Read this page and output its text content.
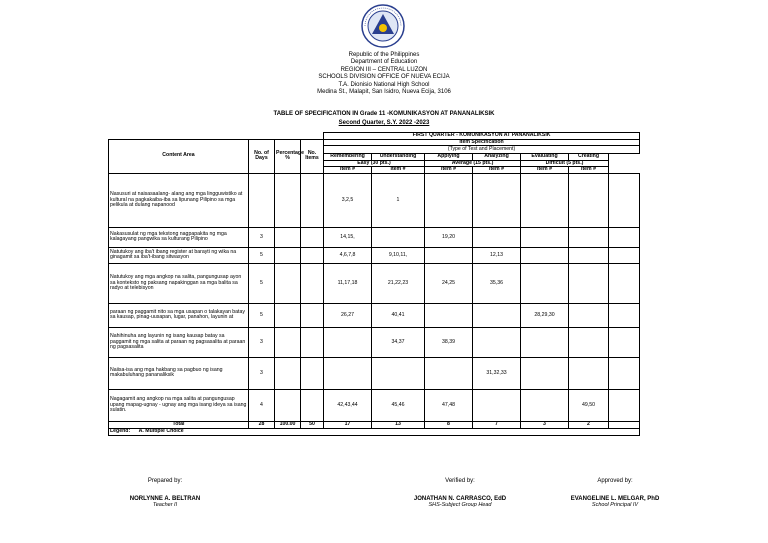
Republic of the Philippines
Department of Education
REGION III – CENTRAL LUZON
SCHOOLS DIVISION OFFICE OF NUEVA ECIJA
T.A. Dionisio National High School
Medina St., Malapit, San Isidro, Nueva Ecija, 3106
TABLE OF SPECIFICATION IN Grade 11 -KOMUNIKASYON AT PANANALIKSIK
Second Quarter, S.Y. 2022 -2023
				FIRST QUARTER - KOMUNIKASYON AT PANANALIKSIK						
Content Area	No. of Days	Percentage %	No. Items	Item Specification						
				(Type of Test and Placement)						
				Remembering	Understanding	Applying	Analyzing	Evaluating	Creating	
				Easy (30 pts.)		Average (15 pts.)		Difficult (5 pts.)		
				Item #	Item #	Item #	Item #	Item #	Item #	
Nasusuri at naisasaalang- alang ang mga lingguwistiko at kultural na pagkakaiba-iba sa lipunang Pilipino sa mga pelikula at dulang napanood				3,2,5	1					
Nakasusulat ng mga tekstong nagpapakita ng mga kalagayang pangwika sa kulturang Pilipino	3			14,15,		19,20				
Natutukoy ang iba't ibang register at barayti ng wika na ginagamit sa iba't-ibang sitwasyon	5			4,6,7,8	9,10,11,		12,13			
Natutukoy ang mga angkop na salita, pangungusap ayon sa konteksto ng paksang napakinggan sa mga balita sa radyo at telebisyon	5			11,17,18	21,22,23	24,25	35,36			
paraan ng paggamit nito sa mga usapan o talakayan batay sa kausap, pinag-uusapan, lugar, panahon, layunin at	5			26,27	40,41			28,29,30		
Nahihinuha ang layunin ng isang kausap batay sa paggamit ng mga salita at paraan ng pagsasalita at paraan ng pagsasalita	3				34,37	38,39				
Naiisa-isa ang mga hakbang sa pagbuo ng isang makabuluhang pananaliksik	3						31,32,33			
Nagagamit ang angkop na mga salita at pangungusap upang mapag-ugnay - ugnay ang mga isang ideya sa isang sulatin.	4			42,43,44	45,46	47,48			49,50	
Total	28	100.00	50	17	13	8	7	3	2	
Legend: A. Multiple Choice										
Prepared by:
NORLYNNE A. BELTRAN
Teacher II
Verified by:
JONATHAN N. CARRASCO, EdD
SHS-Subject Group Head
Approved by:
EVANGELINE L. MELGAR, PhD
School Principal IV
